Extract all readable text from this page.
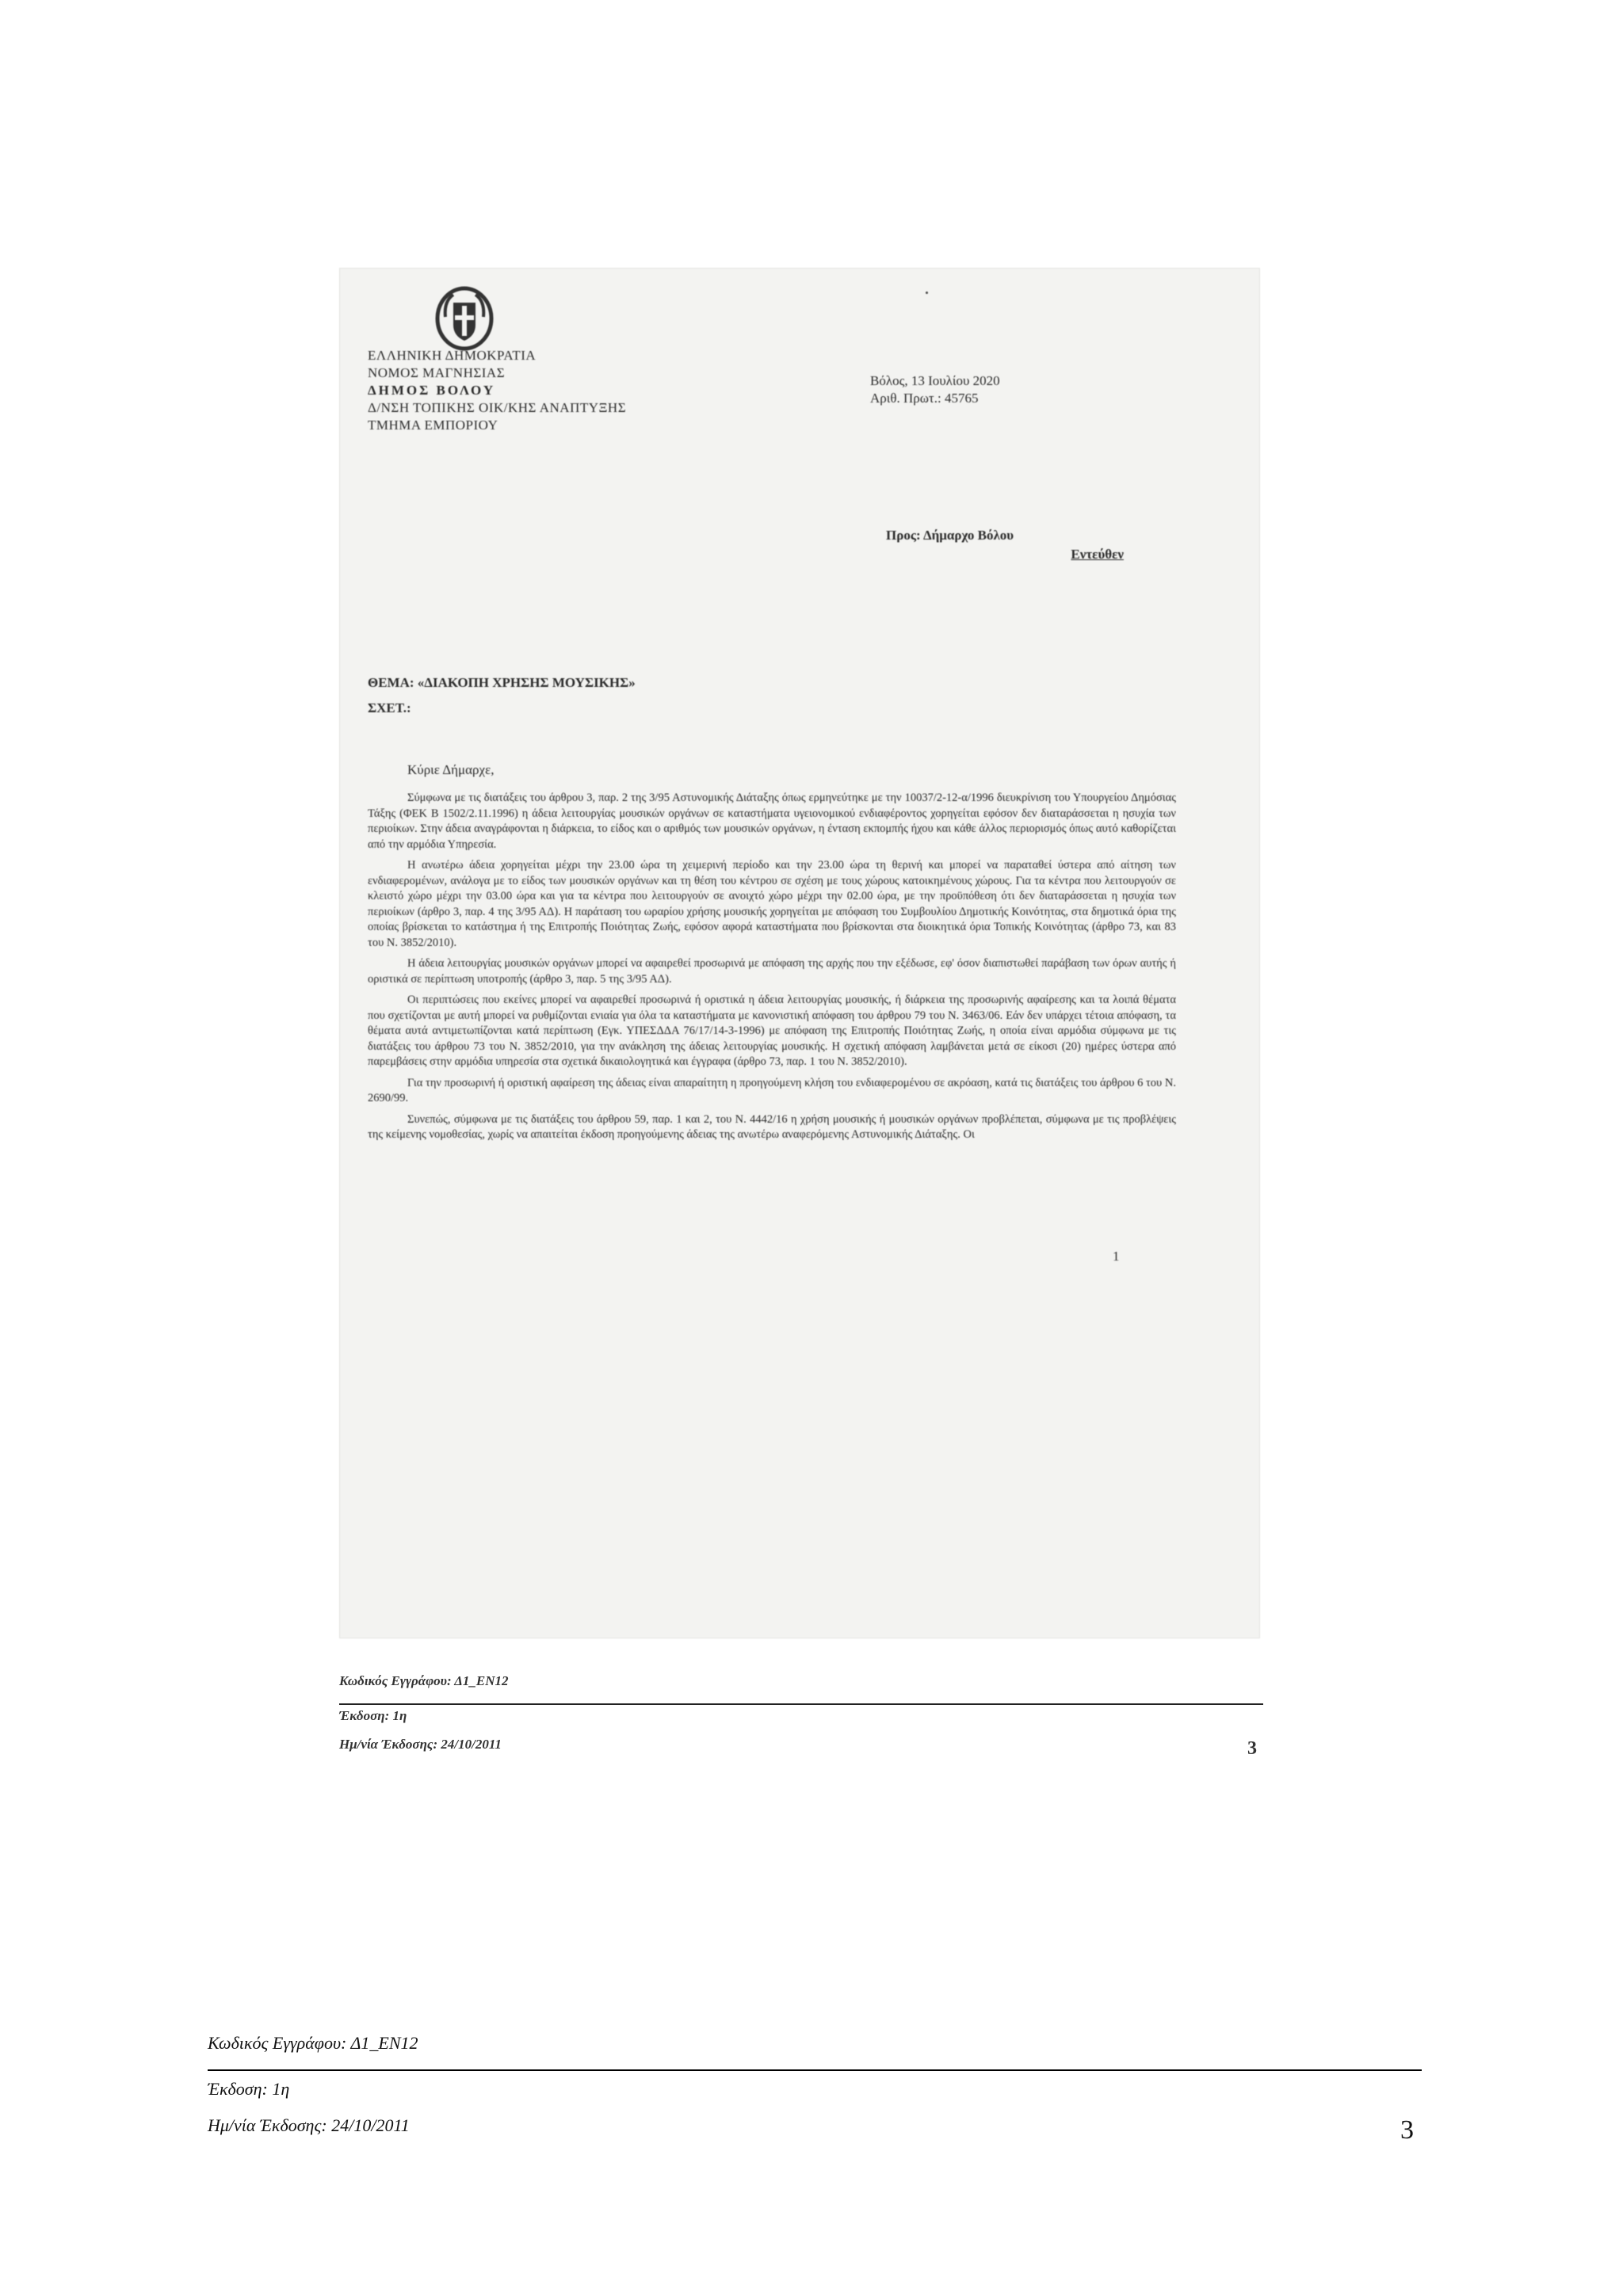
ΕΛΛΗΝΙΚΗ ΔΗΜΟΚΡΑΤΙΑ
ΝΟΜΟΣ ΜΑΓΝΗΣΙΑΣ
ΔΗΜΟΣ ΒΟΛΟΥ
Δ/ΝΣΗ ΤΟΠΙΚΗΣ ΟΙΚ/ΚΗΣ ΑΝΑΠΤΥΞΗΣ
ΤΜΗΜΑ ΕΜΠΟΡΙΟΥ
Βόλος, 13 Ιουλίου 2020
Αριθ. Πρωτ.: 45765
Προς: Δήμαρχο Βόλου
Εντεύθεν
ΘΕΜΑ: «ΔΙΑΚΟΠΗ ΧΡΗΣΗΣ ΜΟΥΣΙΚΗΣ»
ΣΧΕΤ.:
Κύριε Δήμαρχε,

Σύμφωνα με τις διατάξεις του άρθρου 3, παρ. 2 της 3/95 Αστυνομικής Διάταξης όπως ερμηνεύτηκε με την 10037/2-12-α/1996 διευκρίνιση του Υπουργείου Δημόσιας Τάξης (ΦΕΚ Β 1502/2.11.1996) η άδεια λειτουργίας μουσικών οργάνων σε καταστήματα υγειονομικού ενδιαφέροντος χορηγείται εφόσον δεν διαταράσσεται η ησυχία των περιοίκων. Στην άδεια αναγράφονται η διάρκεια, το είδος και ο αριθμός των μουσικών οργάνων, η ένταση εκπομπής ήχου και κάθε άλλος περιορισμός όπως αυτό καθορίζεται από την αρμόδια Υπηρεσία.

Η ανωτέρω άδεια χορηγείται μέχρι την 23.00 ώρα τη χειμερινή περίοδο και την 23.00 ώρα τη θερινή και μπορεί να παραταθεί ύστερα από αίτηση των ενδιαφερομένων, ανάλογα με το είδος των μουσικών οργάνων και τη θέση του κέντρου σε σχέση με τους χώρους κατοικημένους χώρους. Για τα κέντρα που λειτουργούν σε κλειστό χώρο μέχρι την 03.00 ώρα και για τα κέντρα που λειτουργούν σε ανοιχτό χώρο μέχρι την 02.00 ώρα, με την προϋπόθεση ότι δεν διαταράσσεται η ησυχία των περιοίκων (άρθρο 3, παρ. 4 της 3/95 ΑΔ). Η παράταση του ωραρίου χρήσης μουσικής χορηγείται με απόφαση του Συμβουλίου Δημοτικής Κοινότητας, στα δημοτικά όρια της οποίας βρίσκεται το κατάστημα ή της Επιτροπής Ποιότητας Ζωής, εφόσον αφορά καταστήματα που βρίσκονται στα διοικητικά όρια Τοπικής Κοινότητας (άρθρο 73, και 83 του Ν. 3852/2010).

Η άδεια λειτουργίας μουσικών οργάνων μπορεί να αφαιρεθεί προσωρινά με απόφαση της αρχής που την εξέδωσε, εφ' όσον διαπιστωθεί παράβαση των όρων αυτής ή οριστικά σε περίπτωση υποτροπής (άρθρο 3, παρ. 5 της 3/95 ΑΔ).

Οι περιπτώσεις που εκείνες μπορεί να αφαιρεθεί προσωρινά ή οριστικά η άδεια λειτουργίας μουσικής, ή διάρκεια της προσωρινής αφαίρεσης και τα λοιπά θέματα που σχετίζονται με αυτή μπορεί να ρυθμίζονται ενιαία για όλα τα καταστήματα με κανονιστική απόφαση του άρθρου 79 του Ν. 3463/06. Εάν δεν υπάρχει τέτοια απόφαση, τα θέματα αυτά αντιμετωπίζονται κατά περίπτωση (Εγκ. ΥΠΕΣΔΔΑ 76/17/14-3-1996) με απόφαση της Επιτροπής Ποιότητας Ζωής, η οποία είναι αρμόδια σύμφωνα με τις διατάξεις του άρθρου 73 του Ν. 3852/2010, για την ανάκληση της άδειας λειτουργίας μουσικής. Η σχετική απόφαση λαμβάνεται μετά σε είκοσι (20) ημέρες ύστερα από παρεμβάσεις στην αρμόδια υπηρεσία στα σχετικά δικαιολογητικά και έγγραφα (άρθρο 73, παρ. 1 του Ν. 3852/2010).

Για την προσωρινή ή οριστική αφαίρεση της άδειας είναι απαραίτητη η προηγούμενη κλήση του ενδιαφερομένου σε ακρόαση, κατά τις διατάξεις του άρθρου 6 του Ν. 2690/99.

Συνεπώς, σύμφωνα με τις διατάξεις του άρθρου 59, παρ. 1 και 2, του Ν. 4442/16 η χρήση μουσικής ή μουσικών οργάνων προβλέπεται, σύμφωνα με τις προβλέψεις της κείμενης νομοθεσίας, χωρίς να απαιτείται έκδοση προηγούμενης άδειας της ανωτέρω αναφερόμενης Αστυνομικής Διάταξης. Οι

1
Κωδικός Εγγράφου: Δ1_ΕΝ12
Έκδοση: 1η
Ημ/νία Έκδοσης: 24/10/2011	3
Κωδικός Εγγράφου: Δ1_ΕΝ12
Έκδοση: 1η
Ημ/νία Έκδοσης: 24/10/2011	3
